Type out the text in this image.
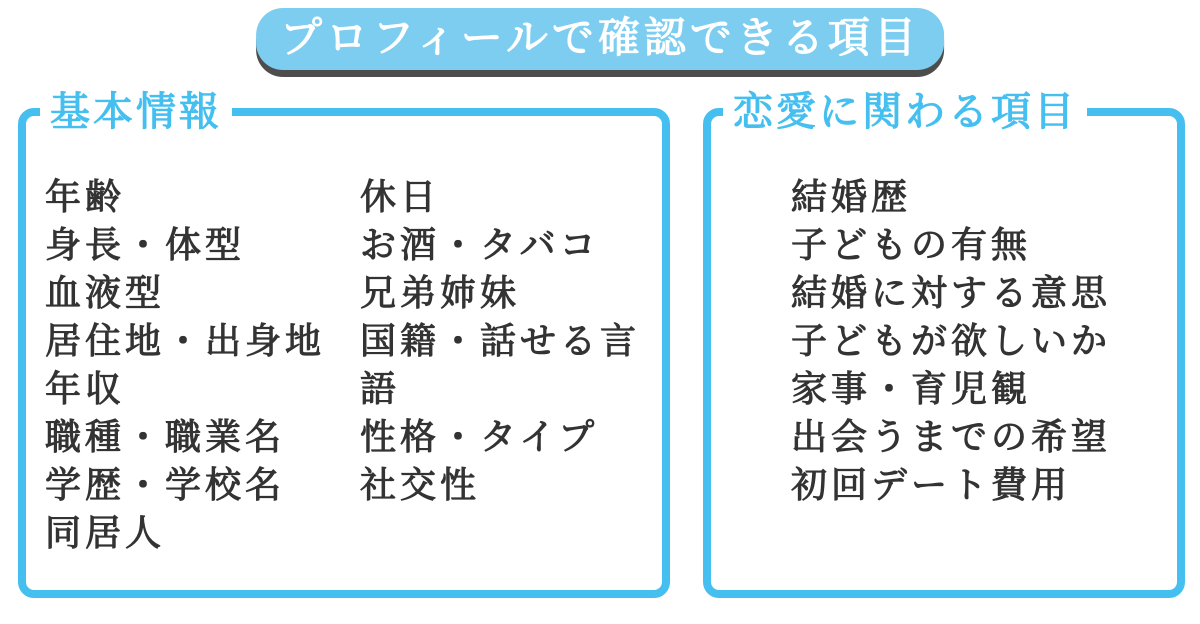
プロフィールで確認できる項目
基本情報
年齢
身長・体型
血液型
居住地・出身地
年収
職種・職業名
学歴・学校名
同居人
休日
お酒・タバコ
兄弟姉妹
国籍・話せる言語
性格・タイプ
社交性
恋愛に関わる項目
結婚歴
子どもの有無
結婚に対する意思
子どもが欲しいか
家事・育児観
出会うまでの希望
初回デート費用
